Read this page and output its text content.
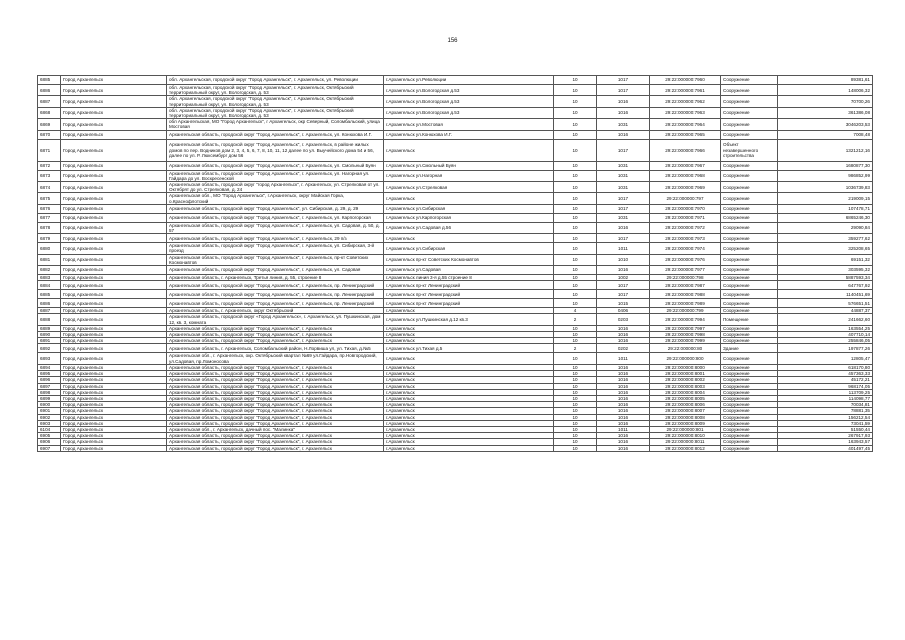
156
6885	Город Архангельск	обл. Архангельская, городской округ "Город Архангельск", г. Архангельск, ул. Революции	г.Архангельск ул.Революции	10	1017	29:22:000000:7960	Сооружение	89381,61
6886	Город Архангельск	обл. Архангельская, городской округ "Город Архангельск", г. Архангельск, Октябрьский территориальный округ, ул. Вологодская, д. 53	г.Архангельск ул.Вологодская д.53	10	1017	29:22:000000:7961	Сооружение	148006,32
6887	Город Архангельск	обл. Архангельская, городской округ "Город Архангельск", г. Архангельск, Октябрьский территориальный округ, ул. Вологодская, д. 53	г.Архангельск ул.Вологодская д.53	10	1016	29:22:000000:7962	Сооружение	70700,26
6868	Город Архангельск	обл. Архангельская, городской округ "Город Архангельск", г. Архангельск, Октябрьский территориальный округ, ул. Вологодская, д. 53	г.Архангельск ул.Вологодская д.53	10	1016	29:22:000000:7963	Сооружение	361386,08
6869	Город Архангельск	обл Архангельская, МО "Город Архангельск", г Архангельск, окр Северный, Соломбальский, улица Мостовая	г.Архангельск ул.Мостовая	10	1031	29:22:000000:7964	Сооружение	3046203,53
6870	Город Архангельск	Архангельская область, городской округ "Город Архангельск", г. Архангельск, ул. Конюхова И.Г.	г.Архангельск ул.Конюхова И.Г.	10	1016	29:22:000000:7965	Сооружение	7008,48
6871	Город Архангельск	Архангельская область, городской округ "Город Архангельск", г. Архангельск, в районе жилых домов по пер. Водников дом 2, 3, 4, 5, 6, 7, 8, 10, 11, 12 далее по ул. Выучейского дома 54 и 56, далее по ул. Р. Люксембург дом 56	г.Архангельск	10	1017	29:22:000000:7966	Объект незавершенного строительства	1321212,16
6872	Город Архангельск	Архангельская область, городской округ "Город Архангельск", г. Архангельск, ул. Смольный Буян	г.Архангельск ул.Смольный Буян	10	1031	29:22:000000:7967	Сооружение	1680877,30
6873	Город Архангельск	Архангельская область, городской округ "Город Архангельск", г. Архангельск, ул. Нагорная ул. Гайдара до ул. Воскресенской	г.Архангельск ул.Нагорная	10	1031	29:22:000000:7968	Сооружение	986852,99
6874	Город Архангельск	Архангельская область, городской округ "город Архангельск", г. Архангельск, ул. Стрелковая от ул. Октябрят до ул. Стрелковая, д. 24	г.Архангельск ул.Стрелковая	10	1031	29:22:000000:7969	Сооружение	1036739,83
6875	Город Архангельск	Архангельская обл., МО "Город Архангельск", г.Архангельск, округ Майская Горка, о.Краснофлотский	г.Архангельск	10	1017	29:22:000000:797	Сооружение	219009,15
6876	Город Архангельск	Архангельская область, городской округ "Город Архангельск", ул. Сибирская, д. 29, д. 29	г.Архангельск ул.Сибирская	10	1017	29:22:000000:7970	Сооружение	107478,71
6877	Город Архангельск	Архангельская область, городской округ "Город Архангельск", г. Архангельск, ул. Карпогорская	г.Архангельск ул.Карпогорская	10	1031	29:22:000000:7971	Сооружение	6865246,30
6878	Город Архангельск	Архангельская область, городской округ "Город Архангельск", г. Архангельск, ул. Садовая, д. 50, д. 57	г.Архангельск ул.Садовая д.56	10	1016	29:22:000000:7972	Сооружение	29090,84
6879	Город Архангельск	Архангельская область, городской округ "Город Архангельск", г. Архангельск, 29 п/з	г.Архангельск	10	1017	29:22:000000:7973	Сооружение	359277,62
6880	Город Архангельск	Архангельская область, городской округ "Город Архангельск", г. Архангельск, ул. Сибирская, 3-й проезд	г.Архангельск ул.Сибирская	10	1011	29:22:000000:7974	Сооружение	325208,65
6881	Город Архангельск	Архангельская область, городской округ "Город Архангельск", г. Архангельск, пр-кт Советских Космонавтов	г.Архангельск пр-кт Советских Космонавтов	10	1010	29:22:000000:7976	Сооружение	69151,32
6882	Город Архангельск	Архангельская область, городской округ "Город Архангельск", г. Архангельск, ул. Садовая	г.Архангельск ул.Садовая	10	1016	29:22:000000:7977	Сооружение	303595,32
6883	Город Архангельск	Архангельская область, г. Архангельск, Третья линия, д. 55, строение 8	г.Архангельск линия 3-я д.55 строение 8	10	1002	29:22:000000:798	Сооружение	5887593,34
6884	Город Архангельск	Архангельская область, городской округ "Город Архангельск", г. Архангельск, пр. Ленинградский	г.Архангельск пр-кт Ленинградский	10	1017	29:22:000000:7987	Сооружение	647767,92
6885	Город Архангельск	Архангельская область, городской округ "Город Архангельск", г. Архангельск, пр. Ленинградский	г.Архангельск пр-кт Ленинградский	10	1017	29:22:000000:7988	Сооружение	1140451,69
6886	Город Архангельск	Архангельская область, городской округ "Город Архангельск", г. Архангельск, пр. Ленинградский	г.Архангельск пр-кт Ленинградский	10	1015	29:22:000000:7989	Сооружение	576651,51
6887	Город Архангельск	Архангельская область, г. Архангельск, округ Октябрьский	г.Архангельск	4	0406	29:22:000000:799	Сооружение	44887,37
6888	Город Архангельск	Архангельская область, городской округ «Город Архангельск», г. Архангельск, ул. Пушкинская, дом 12, кв. 3, комната	г.Архангельск ул.Пушкинская д.12 кв.3	2	0203	29:22:000000:7994	Помещение	241662,60
6889	Город Архангельск	Архангельская область, городской округ "Город Архангельск", г. Архангельск	г.Архангельск	10	1016	29:22:000000:7997	Сооружение	163554,25
6890	Город Архангельск	Архангельская область, городской округ "Город Архангельск", г. Архангельск	г.Архангельск	10	1016	29:22:000000:7998	Сооружение	407710,14
6891	Город Архангельск	Архангельская область, городской округ "Город Архангельск", г. Архангельск	г.Архангельск	10	1016	29:22:000000:7999	Сооружение	255846,05
6892	Город Архангельск	Архангельская область, г. Архангельск, Соломбальский район, Н.Лорвиша ул, ул. Тихая, д.№5	г.Архангельск ул.Тихая д.5	2	0202	29:22:000000:80	Здание	197877,26
6893	Город Архангельск	Архангельская обл., г. Архангельск, окр. Октябрьский квартал №69 ул.Гайдара, пр.Новгородский, ул.Садовая, пр.Ломоносова	г.Архангельск	10	1011	29:22:000000:800	Сооружение	12805,47
6894	Город Архангельск	Архангельская область, городской округ "Город Архангельск", г. Архангельск	г.Архангельск	10	1016	29:22:000000:8000	Сооружение	618170,80
6895	Город Архангельск	Архангельская область, городской округ "Город Архангельск", г. Архангельск	г.Архангельск	10	1016	29:22:000000:8001	Сооружение	457363,33
6896	Город Архангельск	Архангельская область, городской округ "Город Архангельск", г. Архангельск	г.Архангельск	10	1016	29:22:000000:8002	Сооружение	45172,21
6897	Город Архангельск	Архангельская область, городской округ "Город Архангельск", г. Архангельск	г.Архангельск	10	1016	29:22:000000:8003	Сооружение	968174,05
6898	Город Архангельск	Архангельская область, городской округ "Город Архангельск", г. Архангельск	г.Архангельск	10	1016	29:22:000000:8004	Сооружение	113709,25
6899	Город Архангельск	Архангельская область, городской округ "Город Архангельск", г. Архангельск	г.Архангельск	10	1016	29:22:000000:8005	Сооружение	114098,77
6900	Город Архангельск	Архангельская область, городской округ "Город Архангельск", г. Архангельск	г.Архангельск	10	1016	29:22:000000:8006	Сооружение	70034,81
6901	Город Архангельск	Архангельская область, городской округ "Город Архангельск", г. Архангельск	г.Архангельск	10	1016	29:22:000000:8007	Сооружение	78881,35
6902	Город Архангельск	Архангельская область, городской округ "Город Архангельск", г. Архангельск	г.Архангельск	10	1016	29:22:000000:8008	Сооружение	156212,54
6903	Город Архангельск	Архангельская область, городской округ "Город Архангельск", г. Архангельск	г.Архангельск	10	1016	29:22:000000:8009	Сооружение	73041,59
6104	Город Архангельск	Архангельская обл., г. Архангельск, дачный пос. "Малинка"	г.Архангельск	10	1011	29:22:000000:801	Сооружение	51550,44
6905	Город Архангельск	Архангельская область, городской округ "Город Архангельск", г. Архангельск	г.Архангельск	10	1016	29:22:000000:8010	Сооружение	267917,93
6906	Город Архангельск	Архангельская область, городской округ "Город Архангельск", г. Архангельск	г.Архангельск	10	1016	29:22:000000:8011	Сооружение	163943,57
6907	Город Архангельск	Архангельская область, городской округ "Город Архангельск", г. Архангельск	г.Архангельск	10	1016	29:22:000000:8012	Сооружение	401497,45
